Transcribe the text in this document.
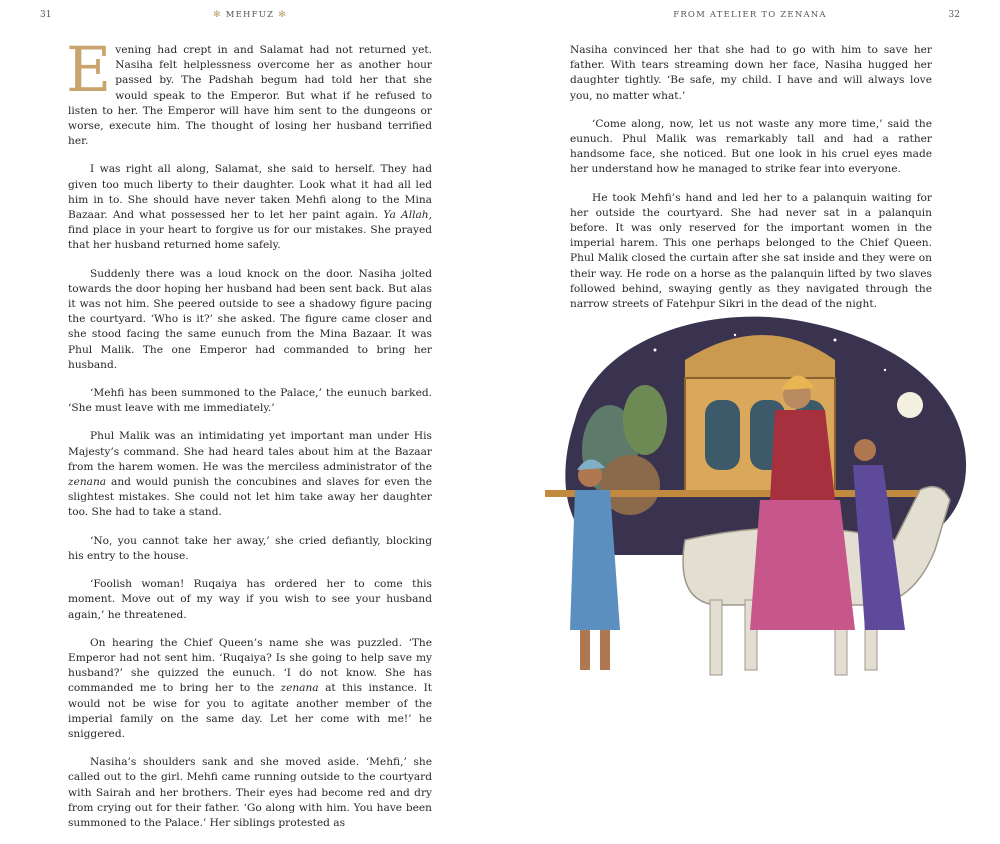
31	✻ MEHFUZ ✻

Evening had crept in and Salamat had not returned yet. Nasiha felt helplessness overcome her as another hour passed by. The Padshah begum had told her that she would speak to the Emperor. But what if he refused to listen to her. The Emperor will have him sent to the dungeons or worse, execute him. The thought of losing her husband terrified her.

I was right all along, Salamat, she said to herself. They had given too much liberty to their daughter. Look what it had all led him in to. She should have never taken Mehfi along to the Mina Bazaar. And what possessed her to let her paint again. Ya Allah, find place in your heart to forgive us for our mistakes. She prayed that her husband returned home safely.

Suddenly there was a loud knock on the door. Nasiha jolted towards the door hoping her husband had been sent back. But alas it was not him. She peered outside to see a shadowy figure pacing the courtyard. ‘Who is it?’ she asked. The figure came closer and she stood facing the same eunuch from the Mina Bazaar. It was Phul Malik. The one Emperor had commanded to bring her husband.

‘Mehfi has been summoned to the Palace,’ the eunuch barked. ‘She must leave with me immediately.’

Phul Malik was an intimidating yet important man under His Majesty’s command. She had heard tales about him at the Bazaar from the harem women. He was the merciless administrator of the zenana and would punish the concubines and slaves for even the slightest mistakes. She could not let him take away her daughter too. She had to take a stand.

‘No, you cannot take her away,’ she cried defiantly, blocking his entry to the house.

‘Foolish woman! Ruqaiya has ordered her to come this moment. Move out of my way if you wish to see your husband again,’ he threatened.

On hearing the Chief Queen’s name she was puzzled. ‘The Emperor had not sent him. ‘Ruqaiya? Is she going to help save my husband?’ she quizzed the eunuch. ‘I do not know. She has commanded me to bring her to the zenana at this instance. It would not be wise for you to agitate another member of the imperial family on the same day. Let her come with me!’ he sniggered.

Nasiha’s shoulders sank and she moved aside. ‘Mehfi,’ she called out to the girl. Mehfi came running outside to the courtyard with Sairah and her brothers. Their eyes had become red and dry from crying out for their father. ‘Go along with him. You have been summoned to the Palace.’ Her siblings protested as

FROM ATELIER TO ZENANA	32

Nasiha convinced her that she had to go with him to save her father. With tears streaming down her face, Nasiha hugged her daughter tightly. ‘Be safe, my child. I have and will always love you, no matter what.’

‘Come along, now, let us not waste any more time,’ said the eunuch. Phul Malik was remarkably tall and had a rather handsome face, she noticed. But one look in his cruel eyes made her understand how he managed to strike fear into everyone.

He took Mehfi’s hand and led her to a palanquin waiting for her outside the courtyard. She had never sat in a palanquin before. It was only reserved for the important women in the imperial harem. This one perhaps belonged to the Chief Queen. Phul Malik closed the curtain after she sat inside and they were on their way. He rode on a horse as the palanquin lifted by two slaves followed behind, swaying gently as they navigated through the narrow streets of Fatehpur Sikri in the dead of the night.
